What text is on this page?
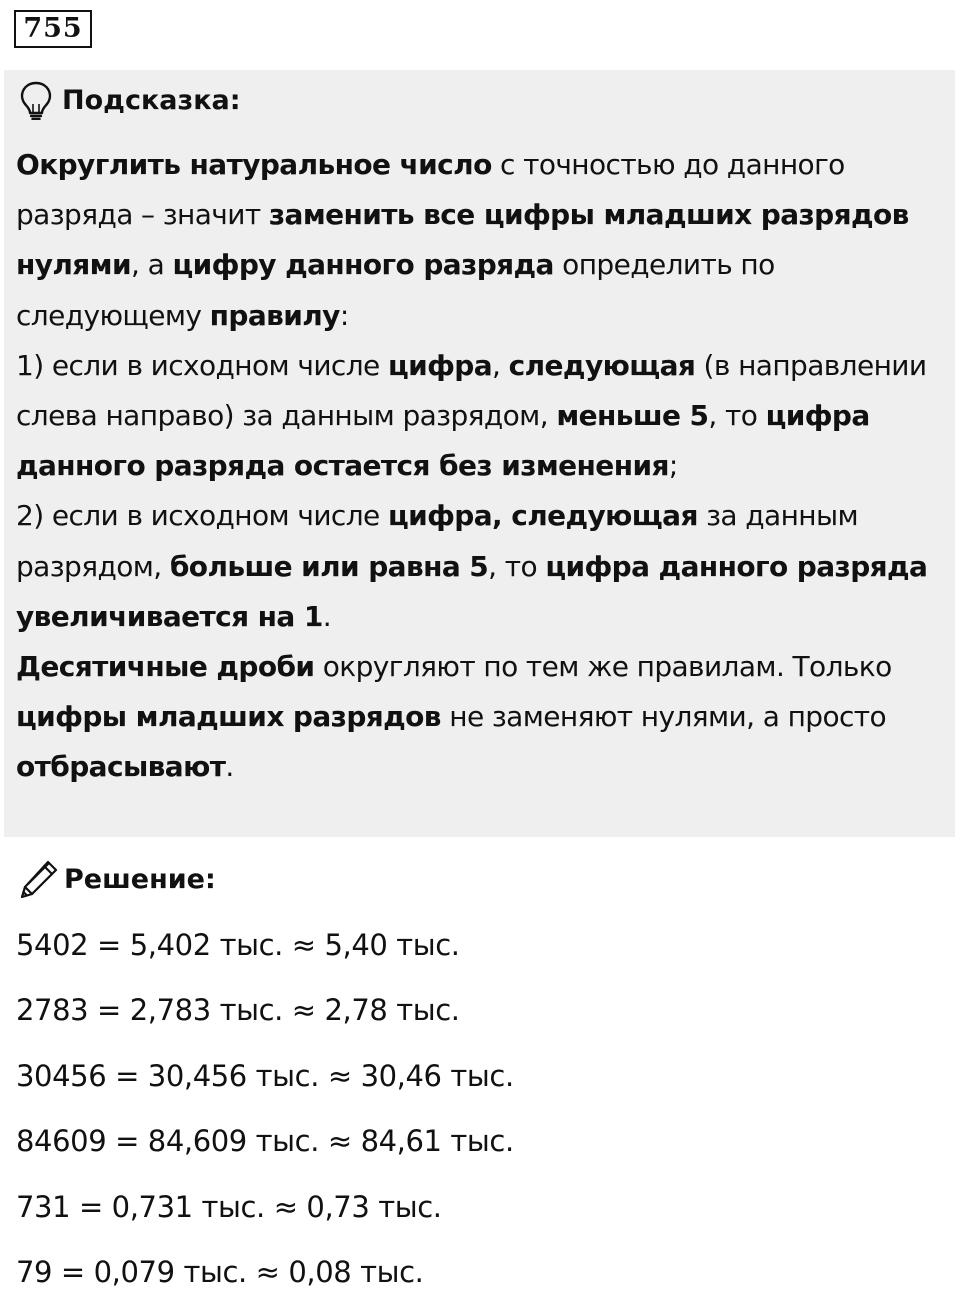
755
Подсказка:

Округлить натуральное число с точностью до данного разряда – значит заменить все цифры младших разрядов нулями, а цифру данного разряда определить по следующему правилу:

1) если в исходном числе цифра, следующая (в направлении слева направо) за данным разрядом, меньше 5, то цифра данного разряда остается без изменения;

2) если в исходном числе цифра, следующая за данным разрядом, больше или равна 5, то цифра данного разряда увеличивается на 1.

Десятичные дроби округляют по тем же правилам. Только цифры младших разрядов не заменяют нулями, а просто отбрасывают.

Решение:
5402 = 5,402 тыс. ≈ 5,40 тыс.
2783 = 2,783 тыс. ≈ 2,78 тыс.
30456 = 30,456 тыс. ≈ 30,46 тыс.
84609 = 84,609 тыс. ≈ 84,61 тыс.
731 = 0,731 тыс. ≈ 0,73 тыс.
79 = 0,079 тыс. ≈ 0,08 тыс.
